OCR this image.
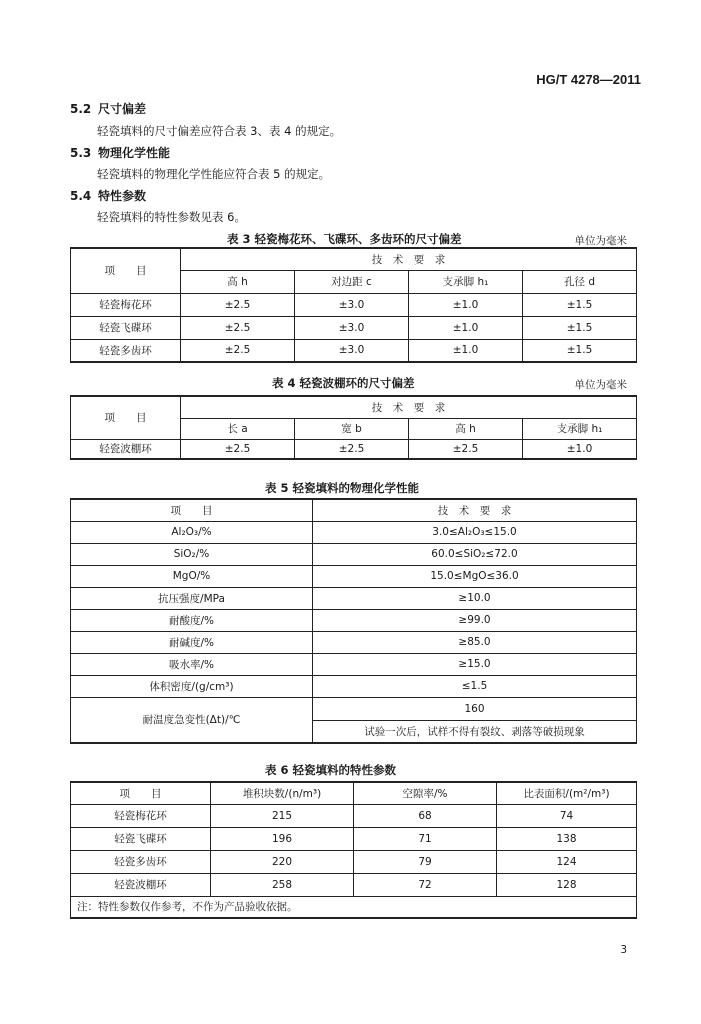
HG/T 4278—2011
5.2 尺寸偏差
轻瓷填料的尺寸偏差应符合表 3、表 4 的规定。
5.3 物理化学性能
轻瓷填料的物理化学性能应符合表 5 的规定。
5.4 特性参数
轻瓷填料的特性参数见表 6。
表 3 轻瓷梅花环、飞碟环、多齿环的尺寸偏差	单位为毫米
项　　目	技　术　要　求			
	高 h	对边距 c	支承脚 h₁	孔径 d
轻瓷梅花环	±2.5	±3.0	±1.0	±1.5
轻瓷飞碟环	±2.5	±3.0	±1.0	±1.5
轻瓷多齿环	±2.5	±3.0	±1.0	±1.5
表 4 轻瓷波棚环的尺寸偏差	单位为毫米
项　　目	技　术　要　求			
	长 a	宽 b	高 h	支承脚 h₁
轻瓷波棚环	±2.5	±2.5	±2.5	±1.0
表 5 轻瓷填料的物理化学性能
项　　目	技　术　要　求
Al₂O₃/%	3.0≤Al₂O₃≤15.0
SiO₂/%	60.0≤SiO₂≤72.0
MgO/%	15.0≤MgO≤36.0
抗压强度/MPa	≥10.0
耐酸度/%	≥99.0
耐碱度/%	≥85.0
吸水率/%	≥15.0
体积密度/(g/cm³)	≤1.5
耐温度急变性(Δt)/℃	160
	试验一次后，试样不得有裂纹、剥落等破损现象
表 6 轻瓷填料的特性参数
项　　目	堆积块数/(n/m³)	空隙率/%	比表面积/(m²/m³)
轻瓷梅花环	215	68	74
轻瓷飞碟环	196	71	138
轻瓷多齿环	220	79	124
轻瓷波棚环	258	72	128
注：特性参数仅作参考，不作为产品验收依据。			
3
